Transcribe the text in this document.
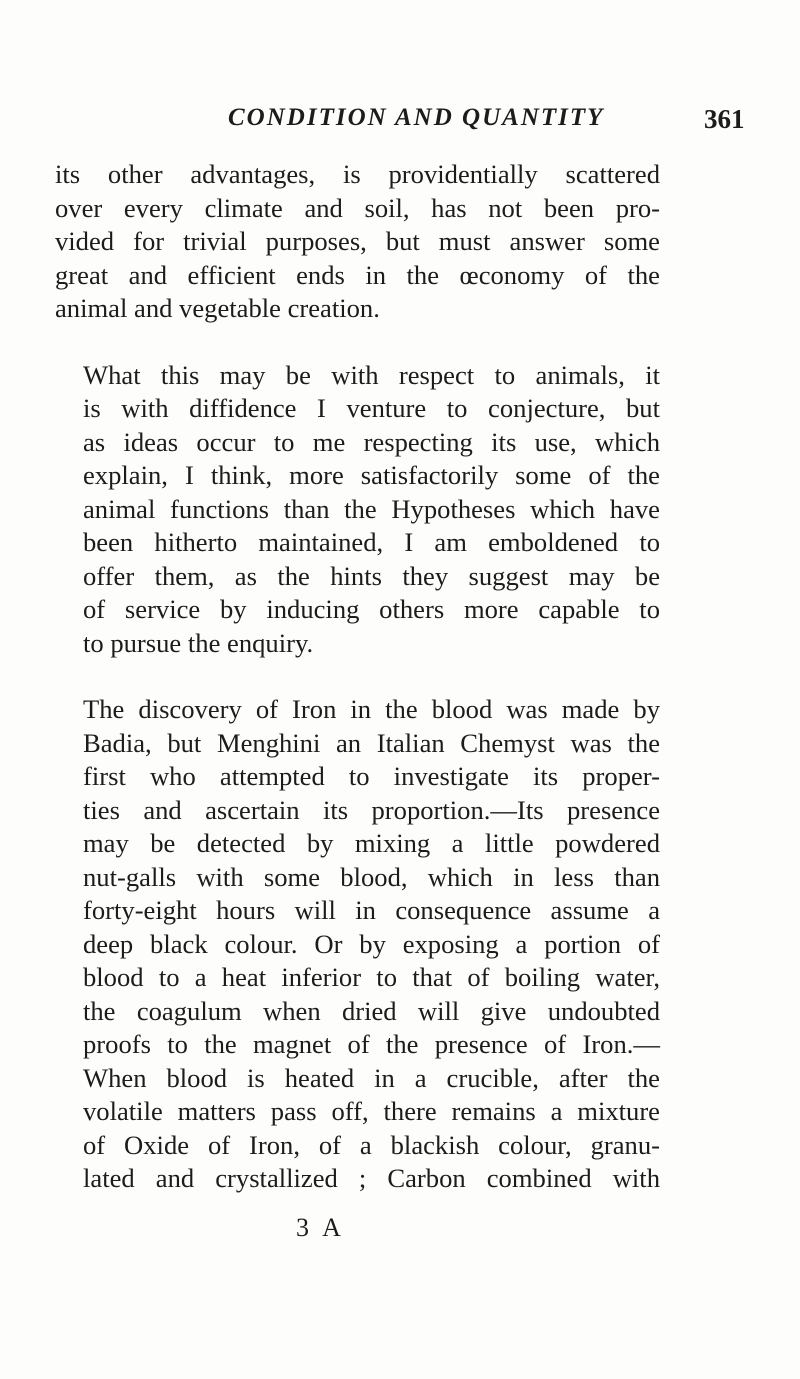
CONDITION AND QUANTITY	361
its other advantages, is providentially scattered
over every climate and soil, has not been pro-
vided for trivial purposes, but must answer some
great and efficient ends in the œconomy of the
animal and vegetable creation.
What this may be with respect to animals, it
is with diffidence I venture to conjecture, but
as ideas occur to me respecting its use, which
explain, I think, more satisfactorily some of the
animal functions than the Hypotheses which have
been hitherto maintained, I am emboldened to
offer them, as the hints they suggest may be
of service by inducing others more capable to
to pursue the enquiry.
The discovery of Iron in the blood was made by
Badia, but Menghini an Italian Chemyst was the
first who attempted to investigate its proper-
ties and ascertain its proportion.—Its presence
may be detected by mixing a little powdered
nut-galls with some blood, which in less than
forty-eight hours will in consequence assume a
deep black colour. Or by exposing a portion of
blood to a heat inferior to that of boiling water,
the coagulum when dried will give undoubted
proofs to the magnet of the presence of Iron.—
When blood is heated in a crucible, after the
volatile matters pass off, there remains a mixture
of Oxide of Iron, of a blackish colour, granu-
lated and crystallized ; Carbon combined with
3 A
